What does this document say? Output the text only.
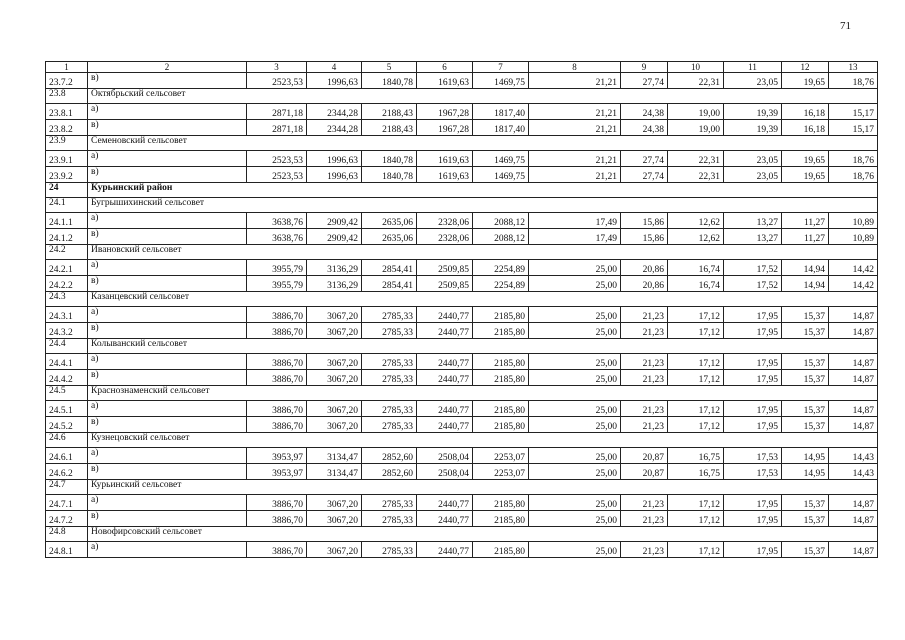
71
1	2	3	4	5	6	7	8	9	10	11	12	13
23.7.2	в)	2523,53	1996,63	1840,78	1619,63	1469,75	21,21	27,74	22,31	23,05	19,65	18,76
23.8	Октябрьский сельсовет											
23.8.1	а)	2871,18	2344,28	2188,43	1967,28	1817,40	21,21	24,38	19,00	19,39	16,18	15,17
23.8.2	в)	2871,18	2344,28	2188,43	1967,28	1817,40	21,21	24,38	19,00	19,39	16,18	15,17
23.9	Семеновский сельсовет											
23.9.1	а)	2523,53	1996,63	1840,78	1619,63	1469,75	21,21	27,74	22,31	23,05	19,65	18,76
23.9.2	в)	2523,53	1996,63	1840,78	1619,63	1469,75	21,21	27,74	22,31	23,05	19,65	18,76
24	Курьинский район											
24.1	Бугрышихинский сельсовет											
24.1.1	а)	3638,76	2909,42	2635,06	2328,06	2088,12	17,49	15,86	12,62	13,27	11,27	10,89
24.1.2	в)	3638,76	2909,42	2635,06	2328,06	2088,12	17,49	15,86	12,62	13,27	11,27	10,89
24.2	Ивановский сельсовет											
24.2.1	а)	3955,79	3136,29	2854,41	2509,85	2254,89	25,00	20,86	16,74	17,52	14,94	14,42
24.2.2	в)	3955,79	3136,29	2854,41	2509,85	2254,89	25,00	20,86	16,74	17,52	14,94	14,42
24.3	Казанцевский сельсовет											
24.3.1	а)	3886,70	3067,20	2785,33	2440,77	2185,80	25,00	21,23	17,12	17,95	15,37	14,87
24.3.2	в)	3886,70	3067,20	2785,33	2440,77	2185,80	25,00	21,23	17,12	17,95	15,37	14,87
24.4	Колыванский сельсовет											
24.4.1	а)	3886,70	3067,20	2785,33	2440,77	2185,80	25,00	21,23	17,12	17,95	15,37	14,87
24.4.2	в)	3886,70	3067,20	2785,33	2440,77	2185,80	25,00	21,23	17,12	17,95	15,37	14,87
24.5	Краснознаменский сельсовет											
24.5.1	а)	3886,70	3067,20	2785,33	2440,77	2185,80	25,00	21,23	17,12	17,95	15,37	14,87
24.5.2	в)	3886,70	3067,20	2785,33	2440,77	2185,80	25,00	21,23	17,12	17,95	15,37	14,87
24.6	Кузнецовский сельсовет											
24.6.1	а)	3953,97	3134,47	2852,60	2508,04	2253,07	25,00	20,87	16,75	17,53	14,95	14,43
24.6.2	в)	3953,97	3134,47	2852,60	2508,04	2253,07	25,00	20,87	16,75	17,53	14,95	14,43
24.7	Курьинский сельсовет											
24.7.1	а)	3886,70	3067,20	2785,33	2440,77	2185,80	25,00	21,23	17,12	17,95	15,37	14,87
24.7.2	в)	3886,70	3067,20	2785,33	2440,77	2185,80	25,00	21,23	17,12	17,95	15,37	14,87
24.8	Новофирсовский сельсовет											
24.8.1	а)	3886,70	3067,20	2785,33	2440,77	2185,80	25,00	21,23	17,12	17,95	15,37	14,87
